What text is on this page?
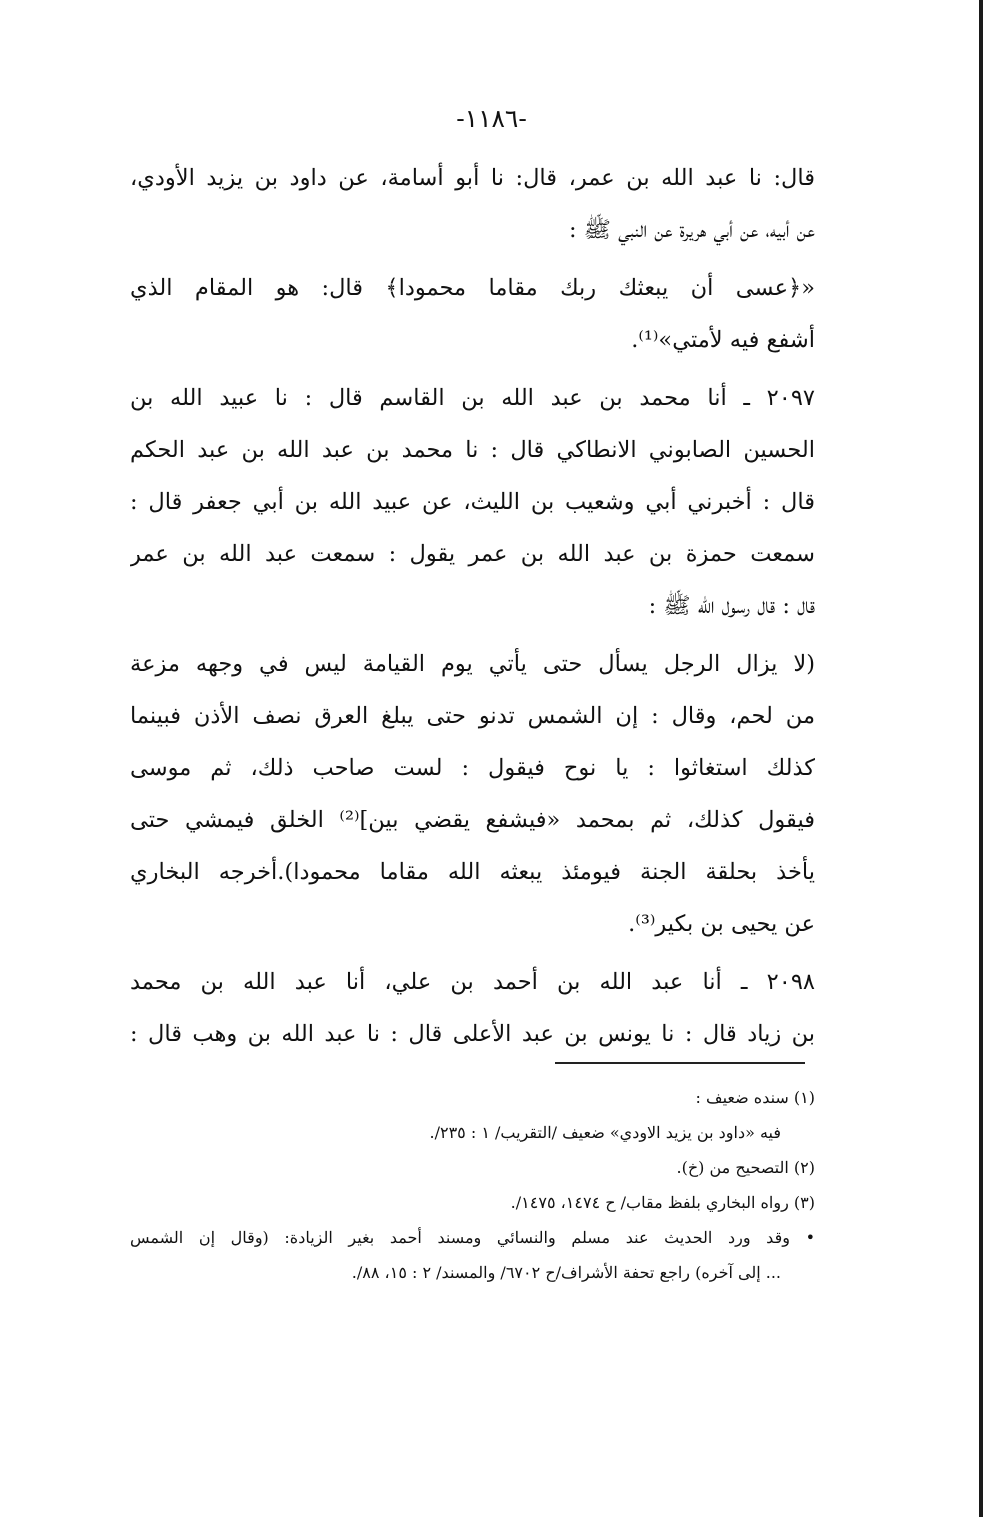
-١١٨٦-

قال: نا عبد الله بن عمر، قال: نا أبو أسامة، عن داود بن يزيد الأودي،
عن أبيه، عن أبي هريرة عن النبي ﷺ :

«﴿عسى أن يبعثك ربك مقاما محمودا﴾ قال: هو المقام الذي
أشفع فيه لأمتي»⁽¹⁾.

٢٠٩٧ ـ أنا محمد بن عبد الله بن القاسم قال : نا عبيد الله بن
الحسين الصابوني الانطاكي قال : نا محمد بن عبد الله بن عبد الحكم
قال : أخبرني أبي وشعيب بن الليث، عن عبيد الله بن أبي جعفر قال :
سمعت حمزة بن عبد الله بن عمر يقول : سمعت عبد الله بن عمر
قال : قال رسول الله ﷺ :

(لا يزال الرجل يسأل حتى يأتي يوم القيامة ليس في وجهه مزعة
من لحم، وقال : إن الشمس تدنو حتى يبلغ العرق نصف الأذن فبينما
كذلك استغاثوا : يا نوح فيقول : لست صاحب ذلك، ثم موسى
فيقول كذلك، ثم بمحمد «فيشفع يقضي بين]⁽²⁾ الخلق فيمشي حتى
يأخذ بحلقة الجنة فيومئذ يبعثه الله مقاما محمودا).أخرجه البخاري
عن يحيى بن بكير⁽³⁾.

٢٠٩٨ ـ أنا عبد الله بن أحمد بن علي، أنا عبد الله بن محمد
بن زياد قال : نا يونس بن عبد الأعلى قال : نا عبد الله بن وهب قال :

(١) سنده ضعيف :
فيه «داود بن يزيد الاودي» ضعيف /التقريب/ ١ : ٢٣٥/.
(٢) التصحيح من (خ).
(٣) رواه البخاري بلفظ مقاب/ ح ١٤٧٤، ١٤٧٥/.
• وقد ورد الحديث عند مسلم والنسائي ومسند أحمد بغير الزيادة: (وقال إن الشمس
... إلى آخره) راجع تحفة الأشراف/ح ٦٧٠٢/ والمسند/ ٢ : ١٥، ٨٨/.
